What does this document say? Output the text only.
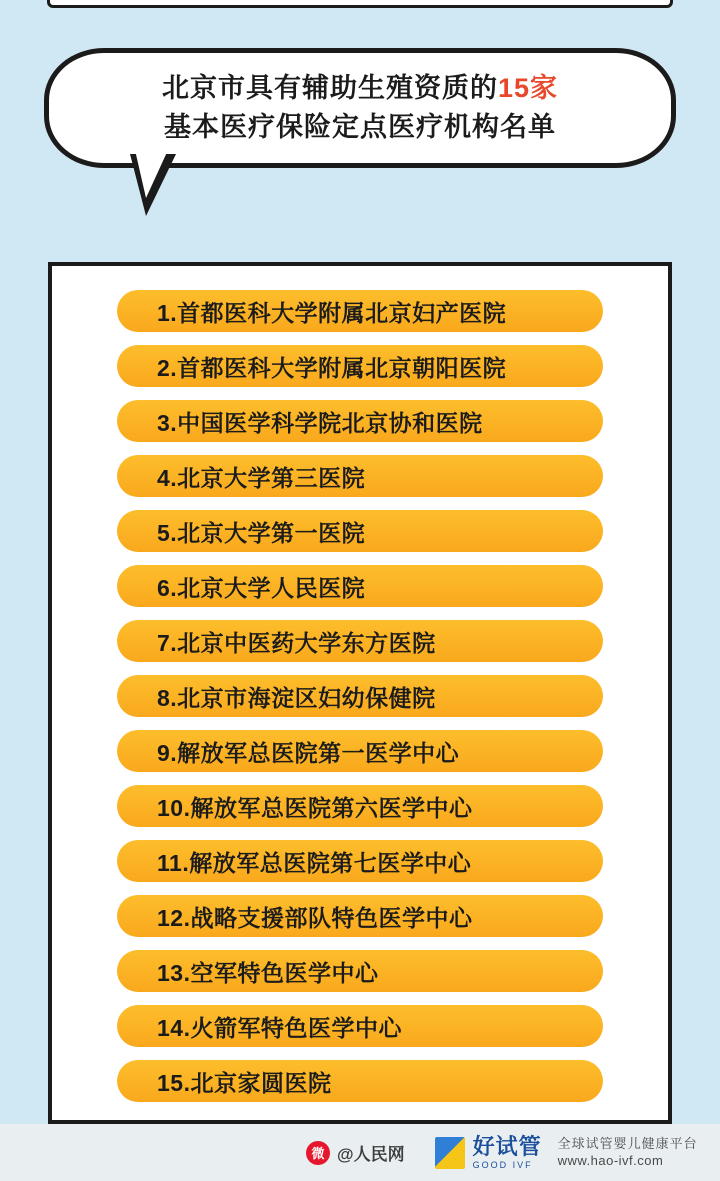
北京市具有辅助生殖资质的15家
基本医疗保险定点医疗机构名单
1.首都医科大学附属北京妇产医院
2.首都医科大学附属北京朝阳医院
3.中国医学科学院北京协和医院
4.北京大学第三医院
5.北京大学第一医院
6.北京大学人民医院
7.北京中医药大学东方医院
8.北京市海淀区妇幼保健院
9.解放军总医院第一医学中心
10.解放军总医院第六医学中心
11.解放军总医院第七医学中心
12.战略支援部队特色医学中心
13.空军特色医学中心
14.火箭军特色医学中心
15.北京家圆医院
微 @人民网	好试管
GOOD IVF
全球试管婴儿健康平台
www.hao-ivf.com
